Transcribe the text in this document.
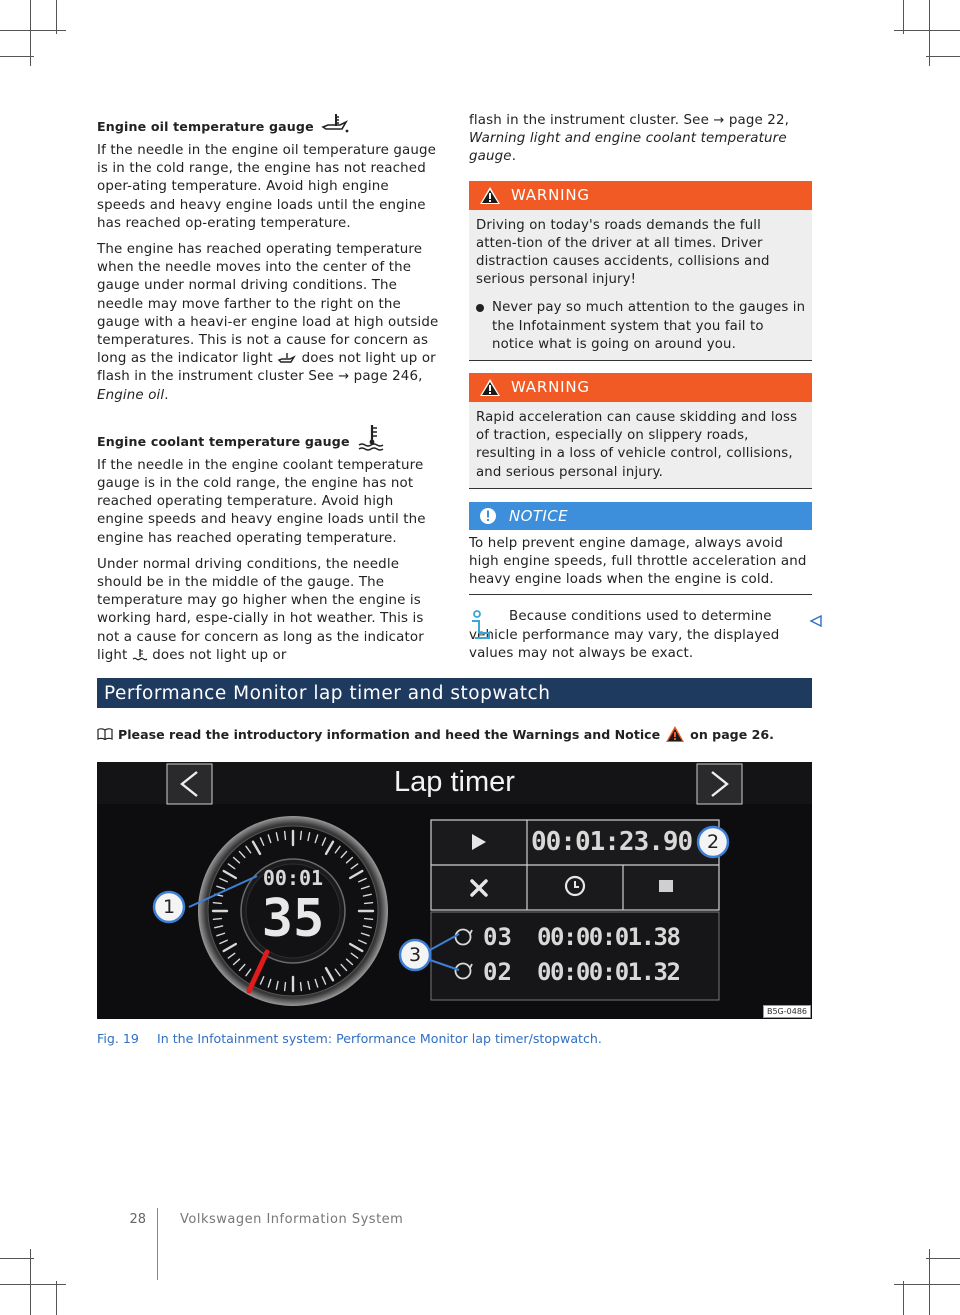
Engine oil temperature gauge

If the needle in the engine oil temperature gauge is in the cold range, the engine has not reached oper-ating temperature. Avoid high engine speeds and heavy engine loads until the engine has reached op-erating temperature.

The engine has reached operating temperature when the needle moves into the center of the gauge under normal driving conditions. The needle may move farther to the right on the gauge with a heavi-er engine load at high outside temperatures. This is not a cause for concern as long as the indicator light does not light up or flash in the instrument cluster See → page 246, Engine oil.

Engine coolant temperature gauge

If the needle in the engine coolant temperature gauge is in the cold range, the engine has not reached operating temperature. Avoid high engine speeds and heavy engine loads until the engine has reached operating temperature.

Under normal driving conditions, the needle should be in the middle of the gauge. The temperature may go higher when the engine is working hard, espe-cially in hot weather. This is not a cause for concern as long as the indicator light does not light up or

flash in the instrument cluster. See → page 22, Warning light and engine coolant temperature gauge.

WARNING

Driving on today's roads demands the full atten-tion of the driver at all times. Driver distraction causes accidents, collisions and serious personal injury!

Never pay so much attention to the gauges in the Infotainment system that you fail to notice what is going on around you.
WARNING

Rapid acceleration can cause skidding and loss of traction, especially on slippery roads, resulting in a loss of vehicle control, collisions, and serious personal injury.

NOTICE
To help prevent engine damage, always avoid high engine speeds, full throttle acceleration and heavy engine loads when the engine is cold.
Because conditions used to determine vehicle performance may vary, the displayed values may not always be exact.
Performance Monitor lap timer and stopwatch
Please read the introductory information and heed the Warnings and Notice on page 26.
Lap timer
00:01:23.90
00:01
35	03 00:00:01.38
02 00:00:01.32
1
2
3
B5G-0486
Fig. 19 In the Infotainment system: Performance Monitor lap timer/stopwatch.
28	Volkswagen Information System
